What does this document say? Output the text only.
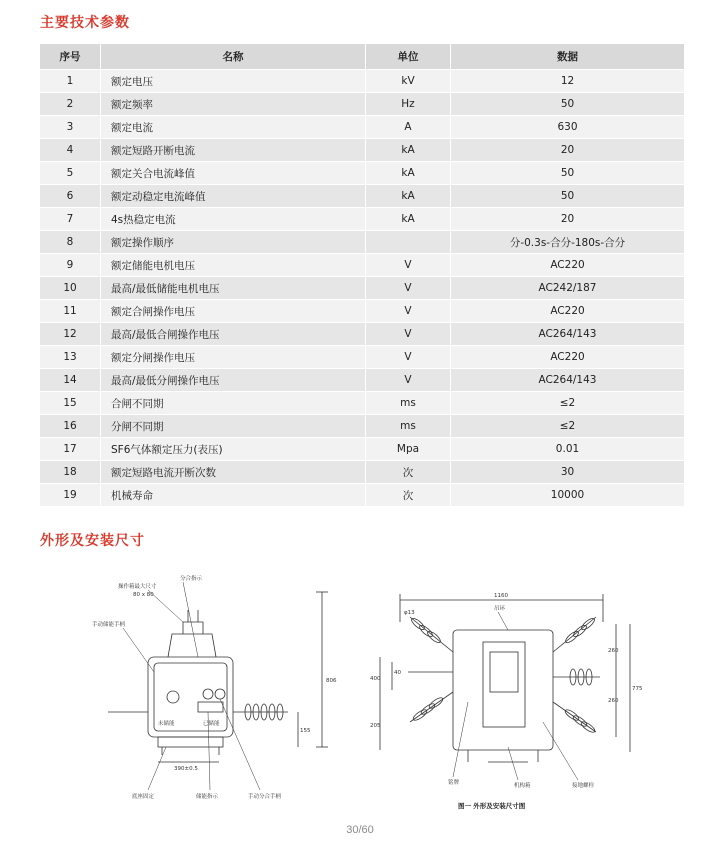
主要技术参数
序号	名称	单位	数据
1	额定电压	kV	12
2	额定频率	Hz	50
3	额定电流	A	630
4	额定短路开断电流	kA	20
5	额定关合电流峰值	kA	50
6	额定动稳定电流峰值	kA	50
7	4s热稳定电流	kA	20
8	额定操作顺序		分-0.3s-合分-180s-合分
9	额定储能电机电压	V	AC220
10	最高/最低储能电机电压	V	AC242/187
11	额定合闸操作电压	V	AC220
12	最高/最低合闸操作电压	V	AC264/143
13	额定分闸操作电压	V	AC220
14	最高/最低分闸操作电压	V	AC264/143
15	合闸不同期	ms	≤2
16	分闸不同期	ms	≤2
17	SF6气体额定压力(表压)	Mpa	0.01
18	额定短路电流开断次数	次	30
19	机械寿命	次	10000
外形及安装尺寸
操作箱最大尺寸
分合指示
手动储能手柄
储能指示	手动分合手柄
底座固定
已储能
未储能
390±0.5
806
155
80 x 80
吊环
铭牌	机构箱	接地螺栓
1160
φ13
40
400
205
260
260
775
图一 外形及安装尺寸图
30/60
